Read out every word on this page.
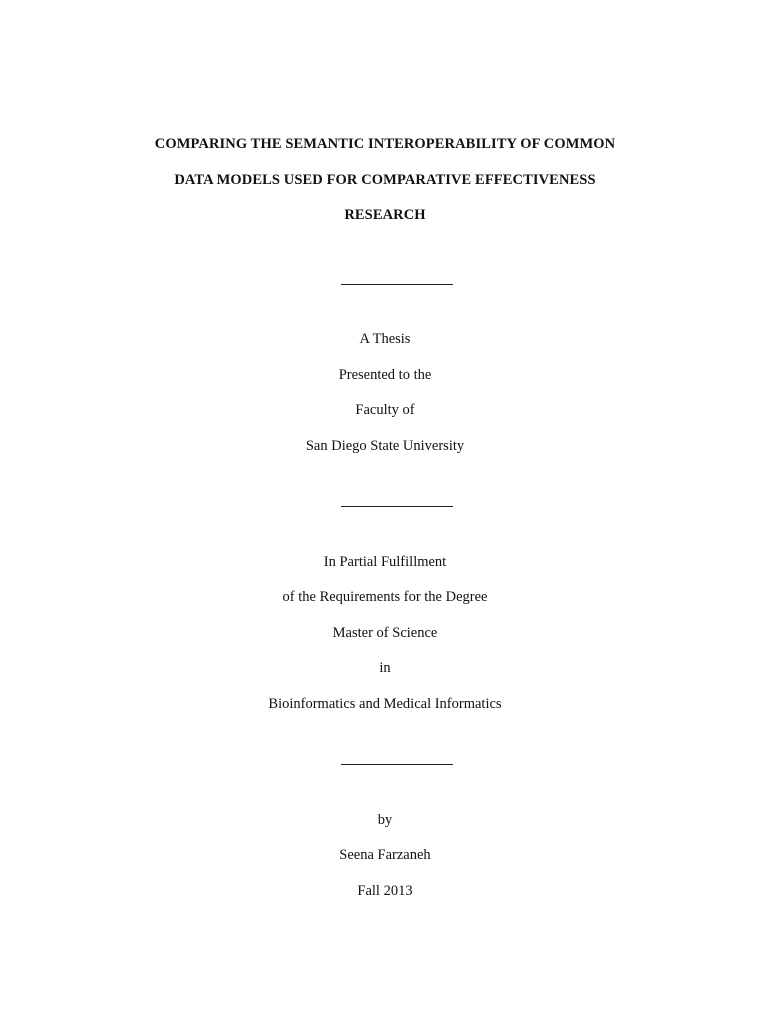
COMPARING THE SEMANTIC INTEROPERABILITY OF COMMON
DATA MODELS USED FOR COMPARATIVE EFFECTIVENESS
RESEARCH

A Thesis

Presented to the

Faculty of

San Diego State University

In Partial Fulfillment

of the Requirements for the Degree

Master of Science

in

Bioinformatics and Medical Informatics

by

Seena Farzaneh

Fall 2013
